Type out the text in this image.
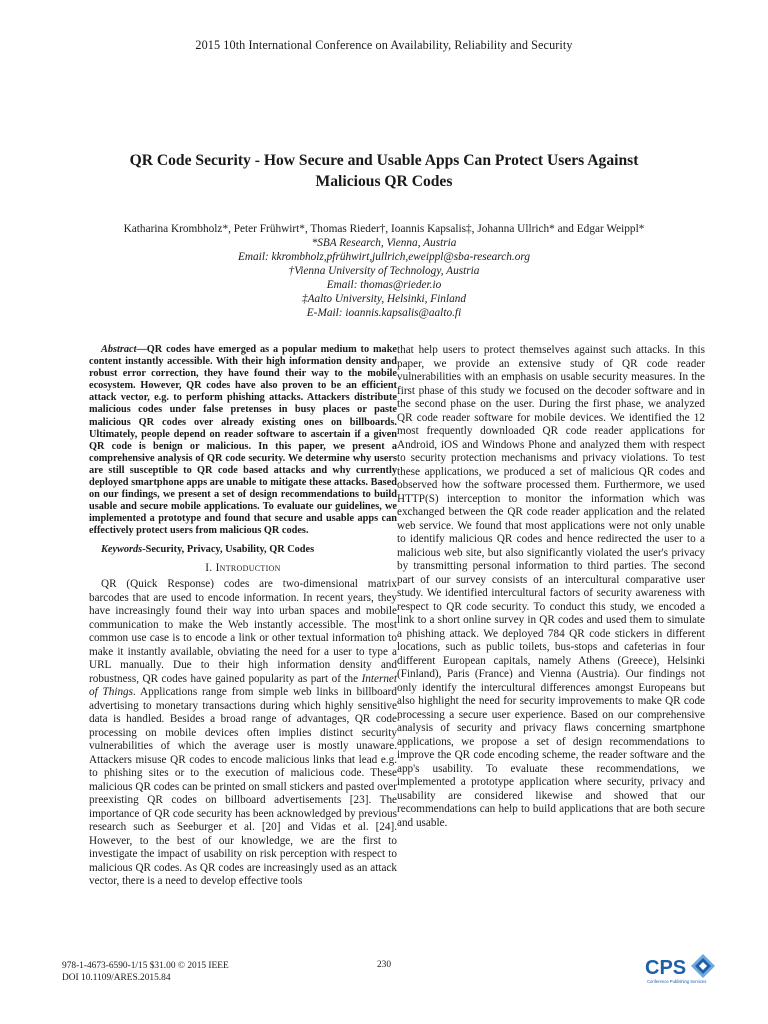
2015 10th International Conference on Availability, Reliability and Security
QR Code Security - How Secure and Usable Apps Can Protect Users Against
Malicious QR Codes
Katharina Krombholz*, Peter Frühwirt*, Thomas Rieder†, Ioannis Kapsalis‡, Johanna Ullrich* and Edgar Weippl*
*SBA Research, Vienna, Austria
Email: kkrombholz,pfrühwirt,jullrich,eweippl@sba-research.org
†Vienna University of Technology, Austria
Email: thomas@rieder.io
‡Aalto University, Helsinki, Finland
E-Mail: ioannis.kapsalis@aalto.fi

Abstract—QR codes have emerged as a popular medium to make content instantly accessible. With their high information density and robust error correction, they have found their way to the mobile ecosystem. However, QR codes have also proven to be an efficient attack vector, e.g. to perform phishing attacks. Attackers distribute malicious codes under false pretenses in busy places or paste malicious QR codes over already existing ones on billboards. Ultimately, people depend on reader software to ascertain if a given QR code is benign or malicious. In this paper, we present a comprehensive analysis of QR code security. We determine why users are still susceptible to QR code based attacks and why currently deployed smartphone apps are unable to mitigate these attacks. Based on our findings, we present a set of design recommendations to build usable and secure mobile applications. To evaluate our guidelines, we implemented a prototype and found that secure and usable apps can effectively protect users from malicious QR codes.

Keywords-Security, Privacy, Usability, QR Codes

I. Introduction

QR (Quick Response) codes are two-dimensional matrix barcodes that are used to encode information. In recent years, they have increasingly found their way into urban spaces and mobile communication to make the Web instantly accessible. The most common use case is to encode a link or other textual information to make it instantly available, obviating the need for a user to type a URL manually. Due to their high information density and robustness, QR codes have gained popularity as part of the Internet of Things. Applications range from simple web links in billboard advertising to monetary transactions during which highly sensitive data is handled. Besides a broad range of advantages, QR code processing on mobile devices often implies distinct security vulnerabilities of which the average user is mostly unaware. Attackers misuse QR codes to encode malicious links that lead e.g. to phishing sites or to the execution of malicious code. These malicious QR codes can be printed on small stickers and pasted over preexisting QR codes on billboard advertisements [23]. The importance of QR code security has been acknowledged by previous research such as Seeburger et al. [20] and Vidas et al. [24]. However, to the best of our knowledge, we are the first to investigate the impact of usability on risk perception with respect to malicious QR codes. As QR codes are increasingly used as an attack vector, there is a need to develop effective tools

that help users to protect themselves against such attacks. In this paper, we provide an extensive study of QR code reader vulnerabilities with an emphasis on usable security measures. In the first phase of this study we focused on the decoder software and in the second phase on the user. During the first phase, we analyzed QR code reader software for mobile devices. We identified the 12 most frequently downloaded QR code reader applications for Android, iOS and Windows Phone and analyzed them with respect to security protection mechanisms and privacy violations. To test these applications, we produced a set of malicious QR codes and observed how the software processed them. Furthermore, we used HTTP(S) interception to monitor the information which was exchanged between the QR code reader application and the related web service. We found that most applications were not only unable to identify malicious QR codes and hence redirected the user to a malicious web site, but also significantly violated the user's privacy by transmitting personal information to third parties. The second part of our survey consists of an intercultural comparative user study. We identified intercultural factors of security awareness with respect to QR code security. To conduct this study, we encoded a link to a short online survey in QR codes and used them to simulate a phishing attack. We deployed 784 QR code stickers in different locations, such as public toilets, bus-stops and cafeterias in four different European capitals, namely Athens (Greece), Helsinki (Finland), Paris (France) and Vienna (Austria). Our findings not only identify the intercultural differences amongst Europeans but also highlight the need for security improvements to make QR code processing a secure user experience. Based on our comprehensive analysis of security and privacy flaws concerning smartphone applications, we propose a set of design recommendations to improve the QR code encoding scheme, the reader software and the app's usability. To evaluate these recommendations, we implemented a prototype application where security, privacy and usability are considered likewise and showed that our recommendations can help to build applications that are both secure and usable.

978-1-4673-6590-1/15 $31.00 © 2015 IEEE
DOI 10.1109/ARES.2015.84
230	CPS
Conference Publishing Services
